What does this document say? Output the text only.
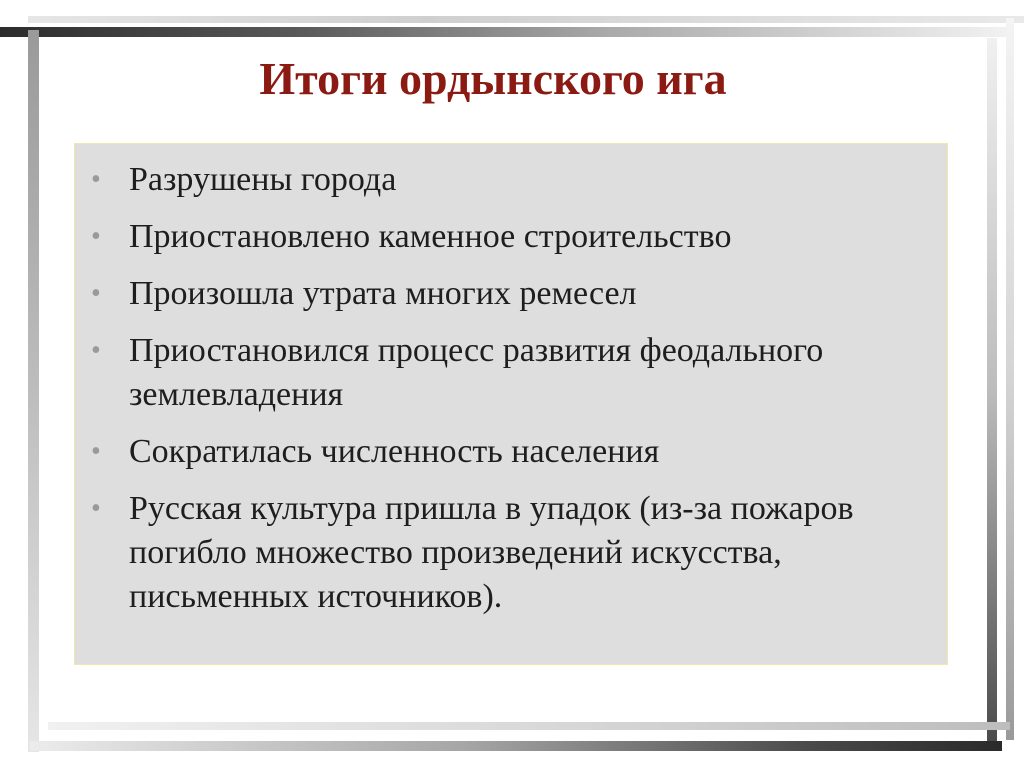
Итоги ордынского ига
• Разрушены города
• Приостановлено каменное строительство
• Произошла утрата многих ремесел
• Приостановился процесс развития феодального землевладения
• Сократилась численность населения
• Русская культура пришла в упадок (из-за пожаров погибло множество произведений искусства, письменных источников).
